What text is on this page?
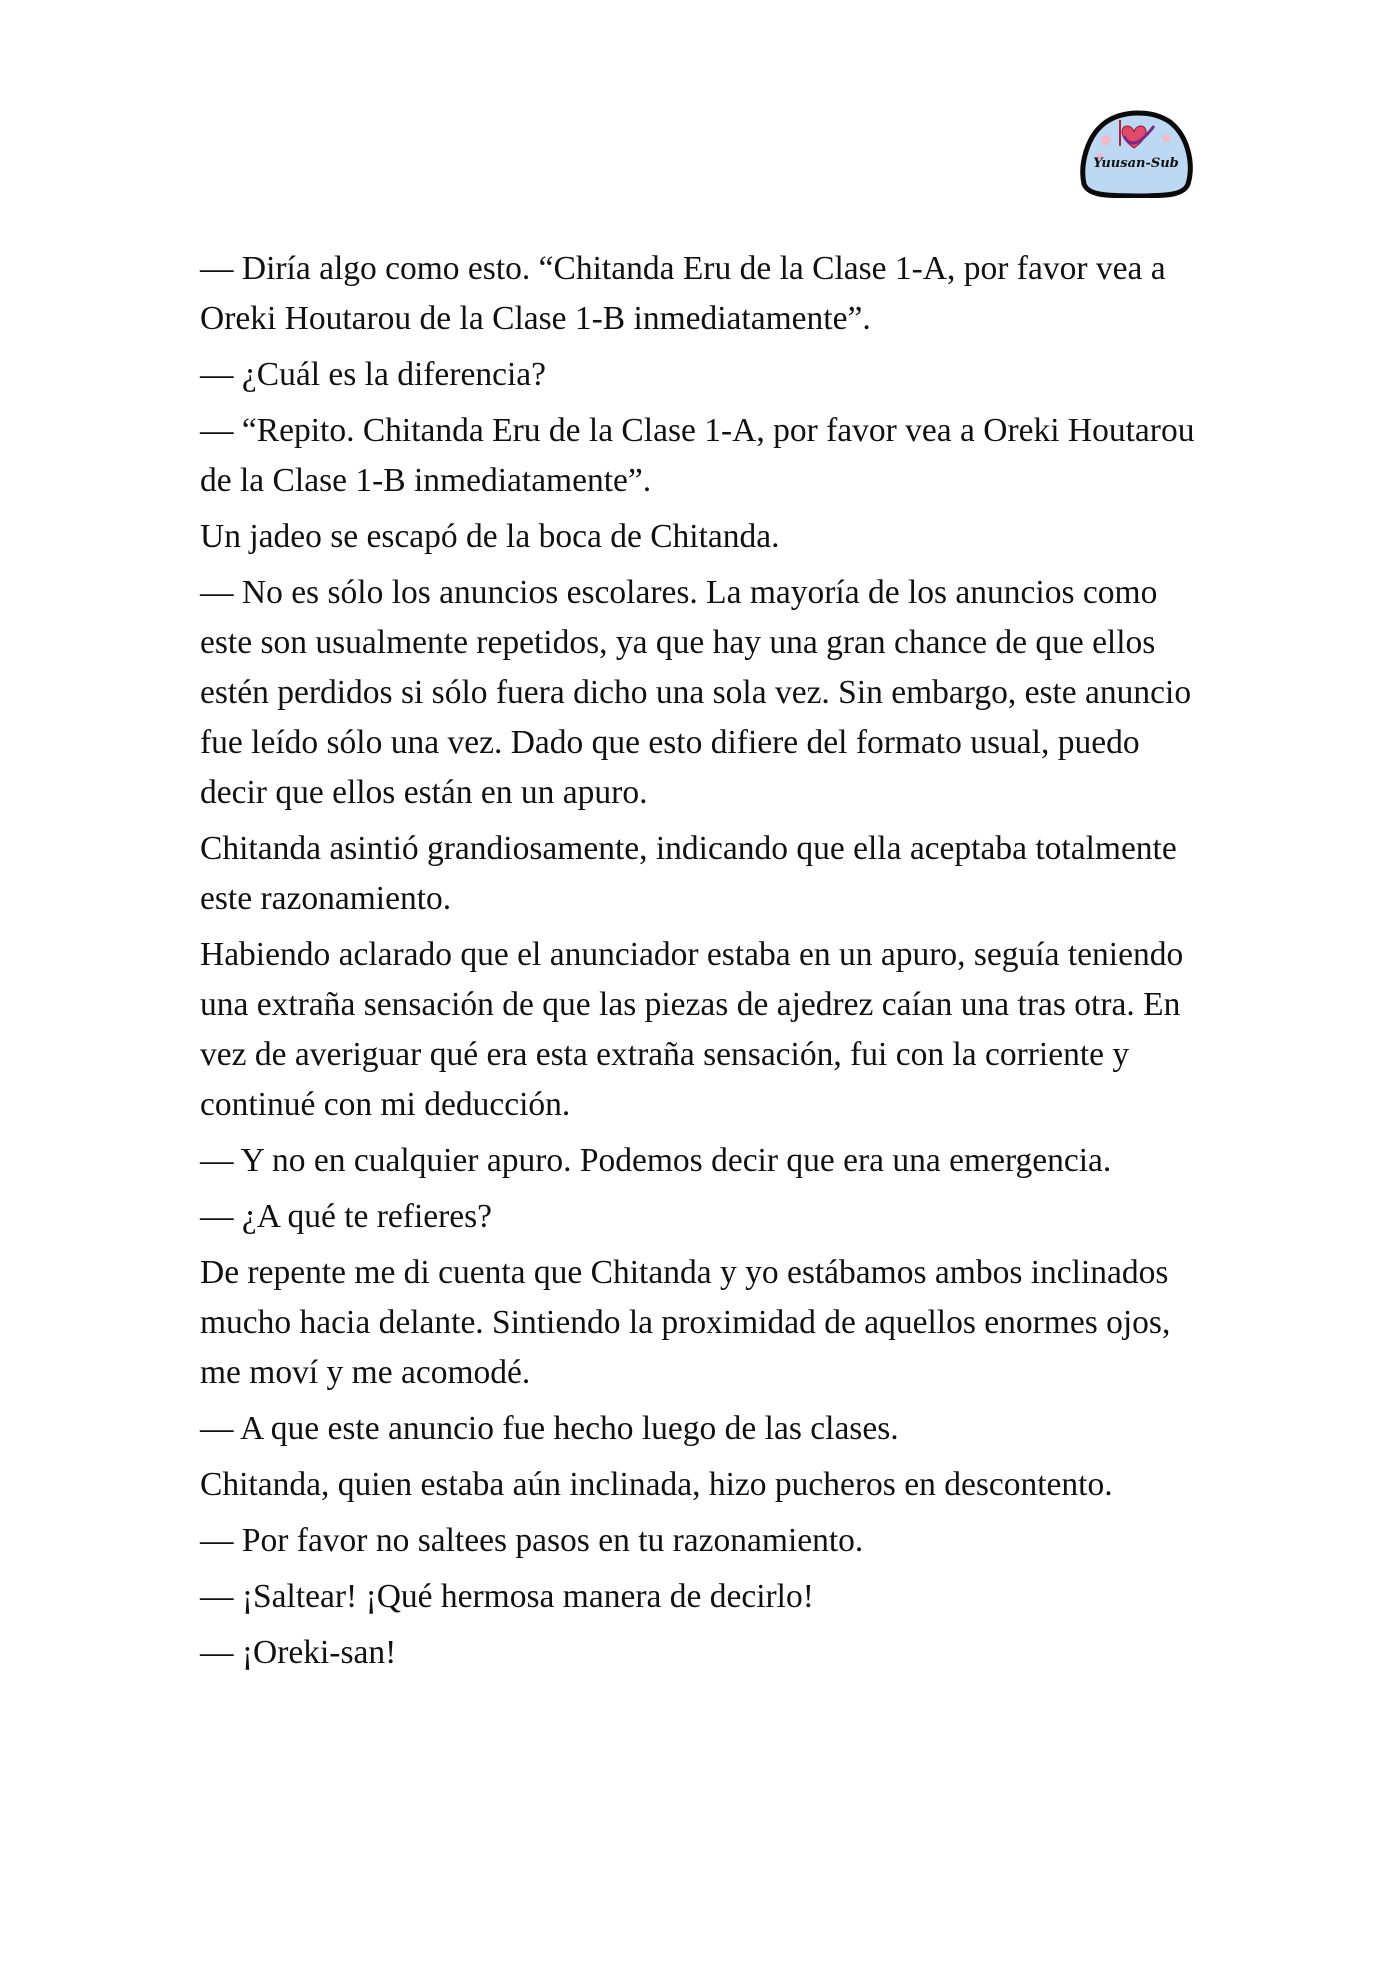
Yuusan-Sub

— Diría algo como esto. “Chitanda Eru de la Clase 1-A, por favor vea a Oreki Houtarou de la Clase 1-B inmediatamente”.

— ¿Cuál es la diferencia?

— “Repito. Chitanda Eru de la Clase 1-A, por favor vea a Oreki Houtarou de la Clase 1-B inmediatamente”.

Un jadeo se escapó de la boca de Chitanda.

— No es sólo los anuncios escolares. La mayoría de los anuncios como este son usualmente repetidos, ya que hay una gran chance de que ellos estén perdidos si sólo fuera dicho una sola vez. Sin embargo, este anuncio fue leído sólo una vez. Dado que esto difiere del formato usual, puedo decir que ellos están en un apuro.

Chitanda asintió grandiosamente, indicando que ella aceptaba totalmente este razonamiento.

Habiendo aclarado que el anunciador estaba en un apuro, seguía teniendo una extraña sensación de que las piezas de ajedrez caían una tras otra. En vez de averiguar qué era esta extraña sensación, fui con la corriente y continué con mi deducción.

— Y no en cualquier apuro. Podemos decir que era una emergencia.

— ¿A qué te refieres?

De repente me di cuenta que Chitanda y yo estábamos ambos inclinados mucho hacia delante. Sintiendo la proximidad de aquellos enormes ojos, me moví y me acomodé.

— A que este anuncio fue hecho luego de las clases.

Chitanda, quien estaba aún inclinada, hizo pucheros en descontento.

— Por favor no saltees pasos en tu razonamiento.

— ¡Saltear! ¡Qué hermosa manera de decirlo!

— ¡Oreki-san!
